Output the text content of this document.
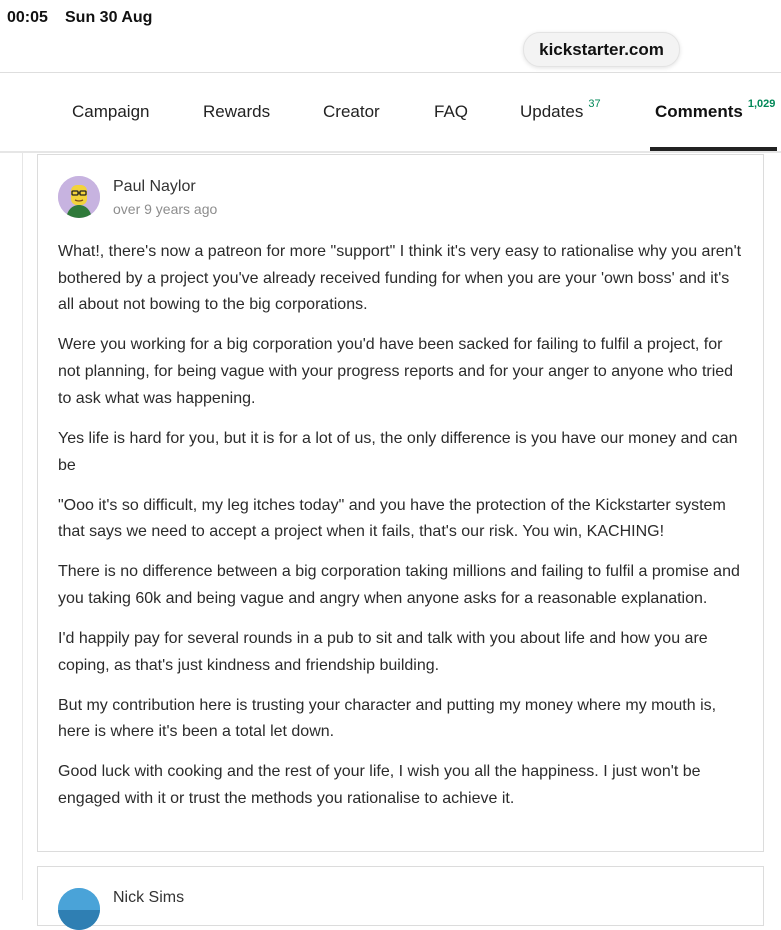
00:05 Sun 30 Aug
kickstarter.com
Campaign	Rewards	Creator	FAQ	Updates 37	Comments 1,029
Paul Naylor
over 9 years ago

What!, there's now a patreon for more "support" I think it's very easy to rationalise why you aren't bothered by a project you've already received funding for when you are your 'own boss' and it's all about not bowing to the big corporations.

Were you working for a big corporation you'd have been sacked for failing to fulfil a project, for not planning, for being vague with your progress reports and for your anger to anyone who tried to ask what was happening.

Yes life is hard for you, but it is for a lot of us, the only difference is you have our money and can be

"Ooo it's so difficult, my leg itches today" and you have the protection of the Kickstarter system that says we need to accept a project when it fails, that's our risk. You win, KACHING!

There is no difference between a big corporation taking millions and failing to fulfil a promise and you taking 60k and being vague and angry when anyone asks for a reasonable explanation.

I'd happily pay for several rounds in a pub to sit and talk with you about life and how you are coping, as that's just kindness and friendship building.

But my contribution here is trusting your character and putting my money where my mouth is, here is where it's been a total let down.

Good luck with cooking and the rest of your life, I wish you all the happiness. I just won't be engaged with it or trust the methods you rationalise to achieve it.

Nick Sims
